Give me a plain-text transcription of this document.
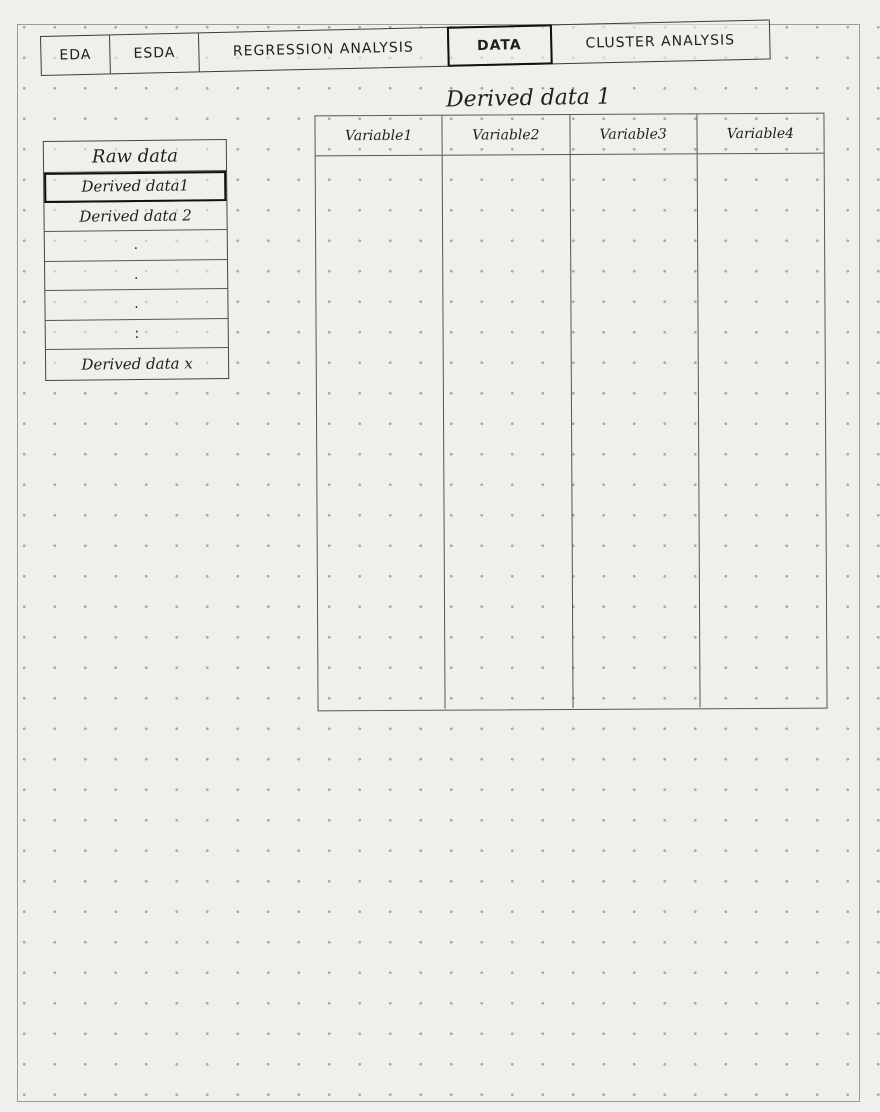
EDA	ESDA	REGRESSION ANALYSIS	DATA	CLUSTER ANALYSIS
Derived data 1
Raw data
Derived data1
Derived data 2
.
.
.
:
Derived data x
Variable1	Variable2	Variable3	Variable4
